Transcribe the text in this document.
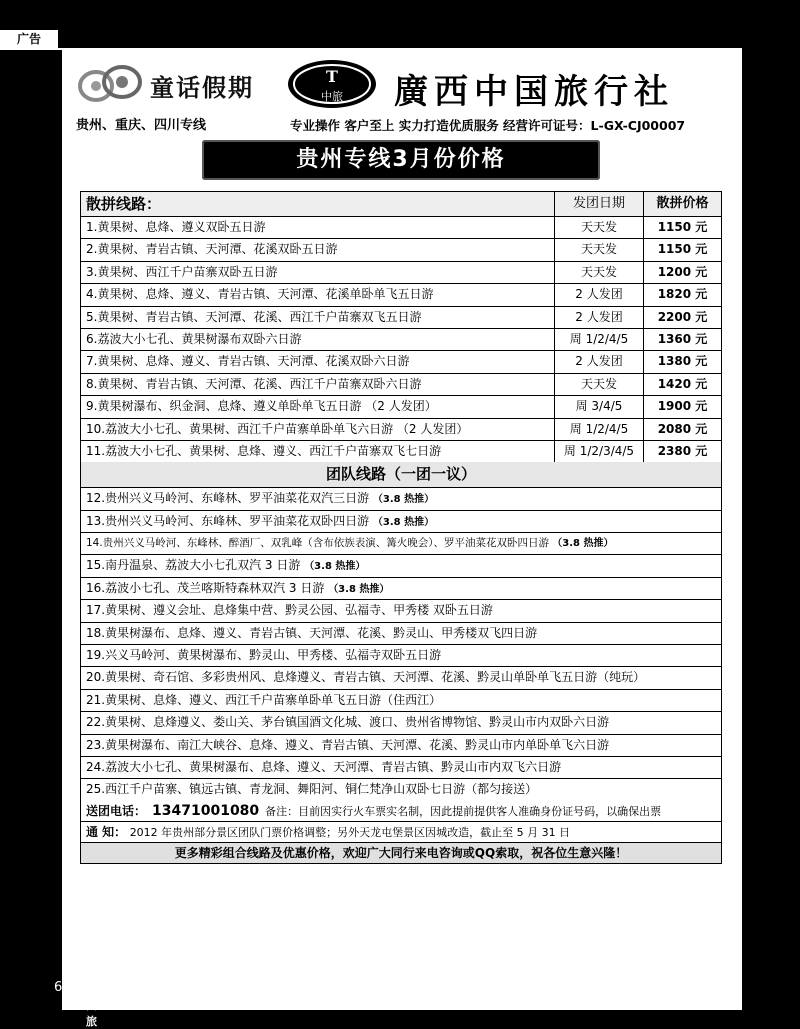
广告
童话假期
贵州、重庆、四川专线
T
中旅 廣西中国旅行社
专业操作 客户至上 实力打造优质服务 经营许可证号：L-GX-CJ00007
贵州专线3月份价格
散拼线路：	发团日期	散拼价格
1.黄果树、息烽、遵义双卧五日游	天天发	1150 元
2.黄果树、青岩古镇、天河潭、花溪双卧五日游	天天发	1150 元
3.黄果树、西江千户苗寨双卧五日游	天天发	1200 元
4.黄果树、息烽、遵义、青岩古镇、天河潭、花溪单卧单飞五日游	2 人发团	1820 元
5.黄果树、青岩古镇、天河潭、花溪、西江千户苗寨双飞五日游	2 人发团	2200 元
6.荔波大小七孔、黄果树瀑布双卧六日游	周 1/2/4/5	1360 元
7.黄果树、息烽、遵义、青岩古镇、天河潭、花溪双卧六日游	2 人发团	1380 元
8.黄果树、青岩古镇、天河潭、花溪、西江千户苗寨双卧六日游	天天发	1420 元
9.黄果树瀑布、织金洞、息烽、遵义单卧单飞五日游 （2 人发团）	周 3/4/5	1900 元
10.荔波大小七孔、黄果树、西江千户苗寨单卧单飞六日游 （2 人发团）	周 1/2/4/5	2080 元
11.荔波大小七孔、黄果树、息烽、遵义、西江千户苗寨双飞七日游	周 1/2/3/4/5	2380 元
团队线路（一团一议）
12.贵州兴义马岭河、东峰林、罗平油菜花双汽三日游 （3.8 热推）
13.贵州兴义马岭河、东峰林、罗平油菜花双卧四日游 （3.8 热推）
14.贵州兴义马岭河、东峰林、醉酒厂、双乳峰（含布依族表演、篝火晚会）、罗平油菜花双卧四日游 （3.8 热推）
15.南丹温泉、荔波大小七孔双汽 3 日游 （3.8 热推）
16.荔波小七孔、茂兰喀斯特森林双汽 3 日游 （3.8 热推）
17.黄果树、遵义会址、息烽集中营、黔灵公园、弘福寺、甲秀楼 双卧五日游
18.黄果树瀑布、息烽、遵义、青岩古镇、天河潭、花溪、黔灵山、甲秀楼双飞四日游
19.兴义马岭河、黄果树瀑布、黔灵山、甲秀楼、弘福寺双卧五日游
20.黄果树、奇石馆、多彩贵州风、息烽遵义、青岩古镇、天河潭、花溪、黔灵山单卧单飞五日游（纯玩）
21.黄果树、息烽、遵义、西江千户苗寨单卧单飞五日游（住西江）
22.黄果树、息烽遵义、娄山关、茅台镇国酒文化城、渡口、贵州省博物馆、黔灵山市内双卧六日游
23.黄果树瀑布、南江大峡谷、息烽、遵义、青岩古镇、天河潭、花溪、黔灵山市内单卧单飞六日游
24.荔波大小七孔、黄果树瀑布、息烽、遵义、天河潭、青岩古镇、黔灵山市内双飞六日游
25.西江千户苗寨、镇远古镇、青龙洞、舞阳河、铜仁梵净山双卧七日游（都匀接送）
送团电话： 13471001080 备注：目前因实行火车票实名制，因此提前提供客人准确身份证号码，以确保出票
通 知： 2012 年贵州部分景区团队门票价格调整；另外天龙屯堡景区因城改造，截止至 5 月 31 日
更多精彩组合线路及优惠价格，欢迎广大同行来电咨询或QQ索取，祝各位生意兴隆！
电 话：0771-5770454、0771-5737101	传 真：0771-5737101
手 机：18077028470、13471001080、15878746360
计调 Q：1935315871、1136383076、1452370378、1277650922	负责人：林开晓
地 址：南宁市民族大道85号南丰大厦二楼南宁一分社11部
6 广西旅
欢迎浏览电子版 www.zyoo.net
